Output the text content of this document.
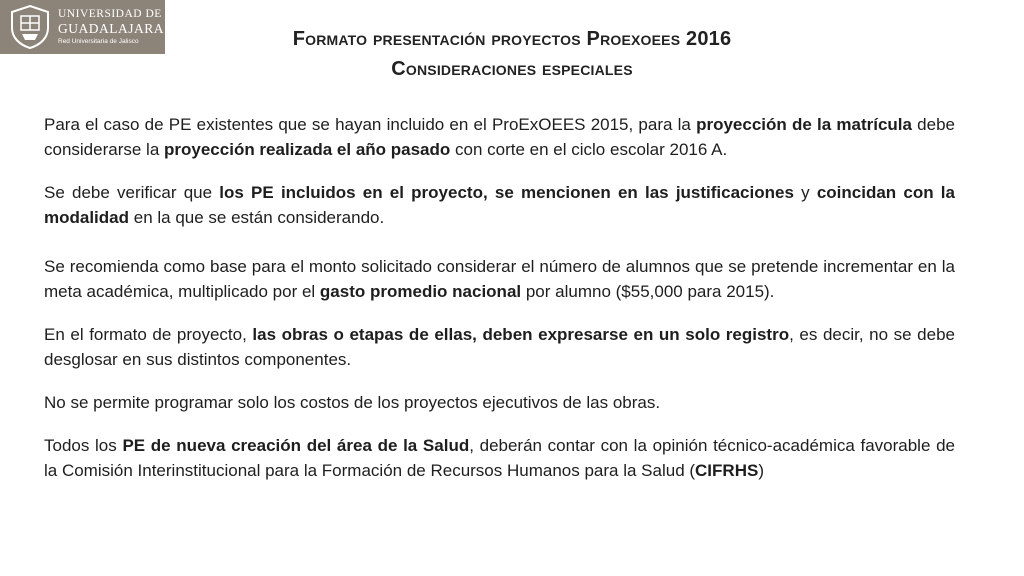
UNIVERSIDAD DE
GUADALAJARA
Red Universitaria de Jalisco	Formato presentación proyectos Proexoees 2016
Consideraciones especiales

Para el caso de PE existentes que se hayan incluido en el ProExOEES 2015, para la proyección de la matrícula debe considerarse la proyección realizada el año pasado con corte en el ciclo escolar 2016 A.

Se debe verificar que los PE incluidos en el proyecto, se mencionen en las justificaciones y coincidan con la modalidad en la que se están considerando.

Se recomienda como base para el monto solicitado considerar el número de alumnos que se pretende incrementar en la meta académica, multiplicado por el gasto promedio nacional por alumno ($55,000 para 2015).

En el formato de proyecto, las obras o etapas de ellas, deben expresarse en un solo registro, es decir, no se debe desglosar en sus distintos componentes.

No se permite programar solo los costos de los proyectos ejecutivos de las obras.

Todos los PE de nueva creación del área de la Salud, deberán contar con la opinión técnico-académica favorable de la Comisión Interinstitucional para la Formación de Recursos Humanos para la Salud (CIFRHS)
